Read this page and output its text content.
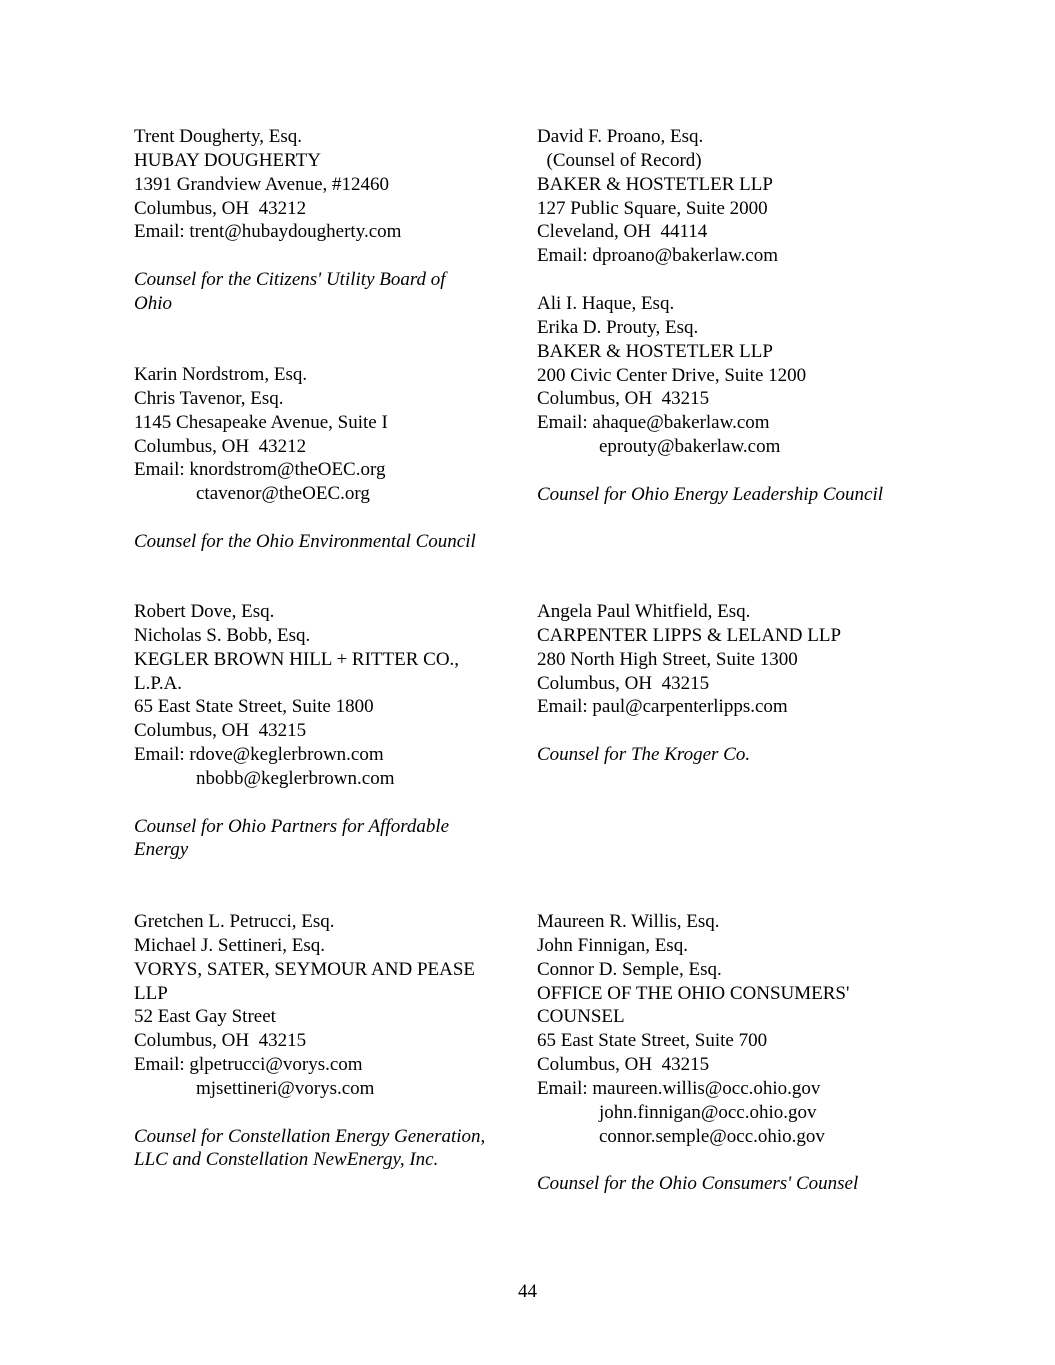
Trent Dougherty, Esq.
HUBAY DOUGHERTY
1391 Grandview Avenue, #12460
Columbus, OH  43212
Email: trent@hubaydougherty.com
Counsel for the Citizens' Utility Board of
Ohio
Karin Nordstrom, Esq.
Chris Tavenor, Esq.
1145 Chesapeake Avenue, Suite I
Columbus, OH  43212
Email: knordstrom@theOEC.org
ctavenor@theOEC.org
Counsel for the Ohio Environmental Council
Robert Dove, Esq.
Nicholas S. Bobb, Esq.
KEGLER BROWN HILL + RITTER CO.,
L.P.A.
65 East State Street, Suite 1800
Columbus, OH  43215
Email: rdove@keglerbrown.com
nbobb@keglerbrown.com
Counsel for Ohio Partners for Affordable
Energy
Gretchen L. Petrucci, Esq.
Michael J. Settineri, Esq.
VORYS, SATER, SEYMOUR AND PEASE
LLP
52 East Gay Street
Columbus, OH  43215
Email: glpetrucci@vorys.com
mjsettineri@vorys.com
Counsel for Constellation Energy Generation,
LLC and Constellation NewEnergy, Inc.
David F. Proano, Esq.
(Counsel of Record)
BAKER & HOSTETLER LLP
127 Public Square, Suite 2000
Cleveland, OH  44114
Email: dproano@bakerlaw.com
Ali I. Haque, Esq.
Erika D. Prouty, Esq.
BAKER & HOSTETLER LLP
200 Civic Center Drive, Suite 1200
Columbus, OH  43215
Email: ahaque@bakerlaw.com
eprouty@bakerlaw.com
Counsel for Ohio Energy Leadership Council
Angela Paul Whitfield, Esq.
CARPENTER LIPPS & LELAND LLP
280 North High Street, Suite 1300
Columbus, OH  43215
Email: paul@carpenterlipps.com
Counsel for The Kroger Co.
Maureen R. Willis, Esq.
John Finnigan, Esq.
Connor D. Semple, Esq.
OFFICE OF THE OHIO CONSUMERS'
COUNSEL
65 East State Street, Suite 700
Columbus, OH  43215
Email: maureen.willis@occ.ohio.gov
john.finnigan@occ.ohio.gov
connor.semple@occ.ohio.gov
Counsel for the Ohio Consumers' Counsel
44
